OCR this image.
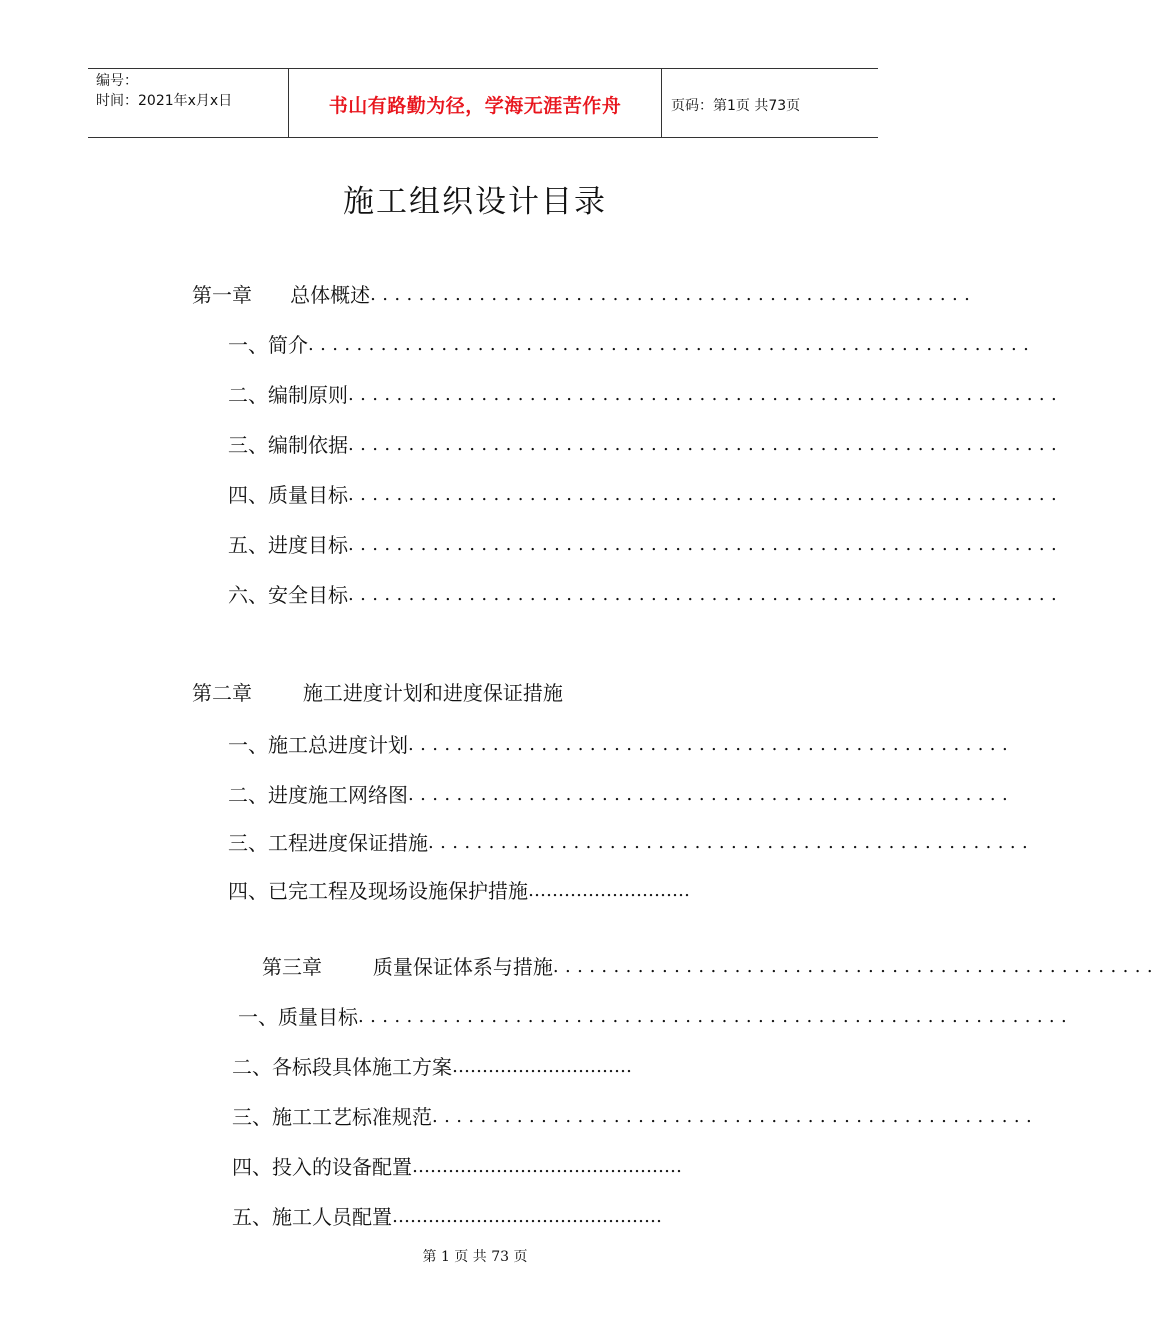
编号：
时间：2021年x月x日	书山有路勤为径，学海无涯苦作舟	页码：第1页 共73页
施工组织设计目录
第一章      总体概述 ..................................................
一、简介 ............................................................
二、编制原则 ...........................................................
三、编制依据 ...........................................................
四、质量目标 ...........................................................
五、进度目标 ...........................................................
六、安全目标 ...........................................................
第二章        施工进度计划和进度保证措施
一、施工总进度计划 ..................................................
二、进度施工网络图 ..................................................
三、工程进度保证措施 ..................................................
四、已完工程及现场设施保护措施 ………………………
第三章        质量保证体系与措施 ..................................................
一、质量目标 ...........................................................
二、各标段具体施工方案 …………………………
三、施工工艺标准规范 ..................................................
四、投入的设备配置 ………………………………………
五、施工人员配置 ………………………………………
第 1 页 共 73 页
